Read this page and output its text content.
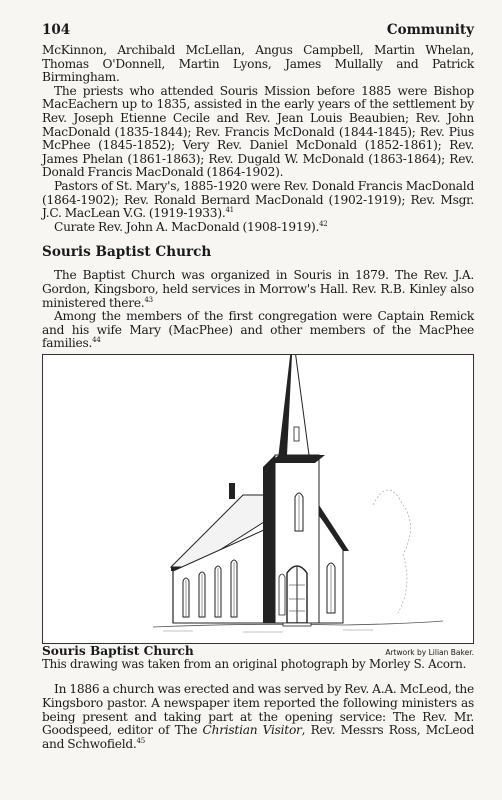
104	Community

McKinnon, Archibald McLellan, Angus Campbell, Martin Whelan, Thomas O'Donnell, Martin Lyons, James Mullally and Patrick Birmingham.

The priests who attended Souris Mission before 1885 were Bishop MacEachern up to 1835, assisted in the early years of the settlement by Rev. Joseph Etienne Cecile and Rev. Jean Louis Beaubien; Rev. John MacDonald (1835-1844); Rev. Francis McDonald (1844-1845); Rev. Pius McPhee (1845-1852); Very Rev. Daniel McDonald (1852-1861); Rev. James Phelan (1861-1863); Rev. Dugald W. McDonald (1863-1864); Rev. Donald Francis MacDonald (1864-1902).

Pastors of St. Mary's, 1885-1920 were Rev. Donald Francis MacDonald (1864-1902); Rev. Ronald Bernard MacDonald (1902-1919); Rev. Msgr. J.C. MacLean V.G. (1919-1933).$^{41}$

Curate Rev. John A. MacDonald (1908-1919).$^{42}$

Souris Baptist Church

The Baptist Church was organized in Souris in 1879. The Rev. J.A. Gordon, Kingsboro, held services in Morrow's Hall. Rev. R.B. Kinley also ministered there.$^{43}$

Among the members of the first congregation were Captain Remick and his wife Mary (MacPhee) and other members of the MacPhee families.$^{44}$

Souris Baptist Church	Artwork by Lilian Baker.
This drawing was taken from an original photograph by Morley S. Acorn.

In 1886 a church was erected and was served by Rev. A.A. McLeod, the Kingsboro pastor. A newspaper item reported the following ministers as being present and taking part at the opening service: The Rev. Mr. Goodspeed, editor of The Christian Visitor, Rev. Messrs Ross, McLeod and Schwofield.$^{45}$
